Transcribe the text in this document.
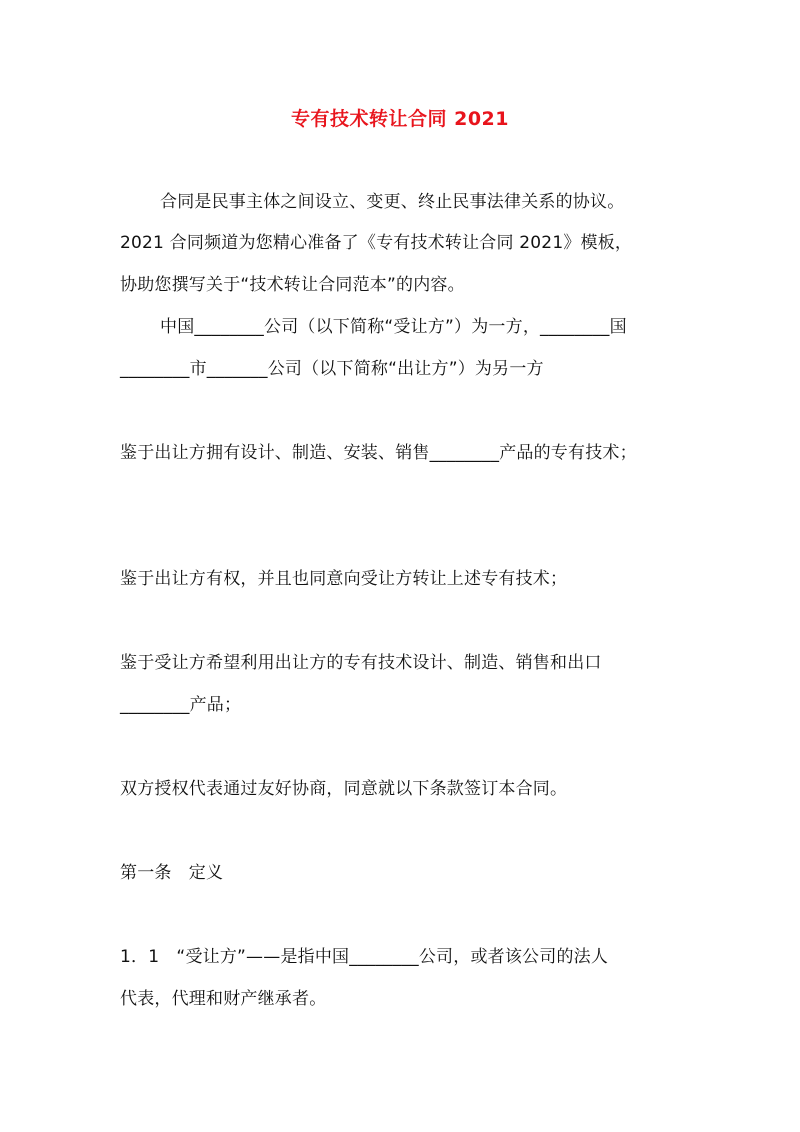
专有技术转让合同 2021
合同是民事主体之间设立、变更、终止民事法律关系的协议。
2021 合同频道为您精心准备了《专有技术转让合同 2021》模板，
协助您撰写关于“技术转让合同范本”的内容。
中国________公司（以下简称“受让方”）为一方，________国
________市_______公司（以下简称“出让方”）为另一方
鉴于出让方拥有设计、制造、安装、销售________产品的专有技术；
鉴于出让方有权，并且也同意向受让方转让上述专有技术；
鉴于受让方希望利用出让方的专有技术设计、制造、销售和出口
________产品；
双方授权代表通过友好协商，同意就以下条款签订本合同。
第一条　定义
1．1　“受让方”——是指中国________公司，或者该公司的法人
代表，代理和财产继承者。
